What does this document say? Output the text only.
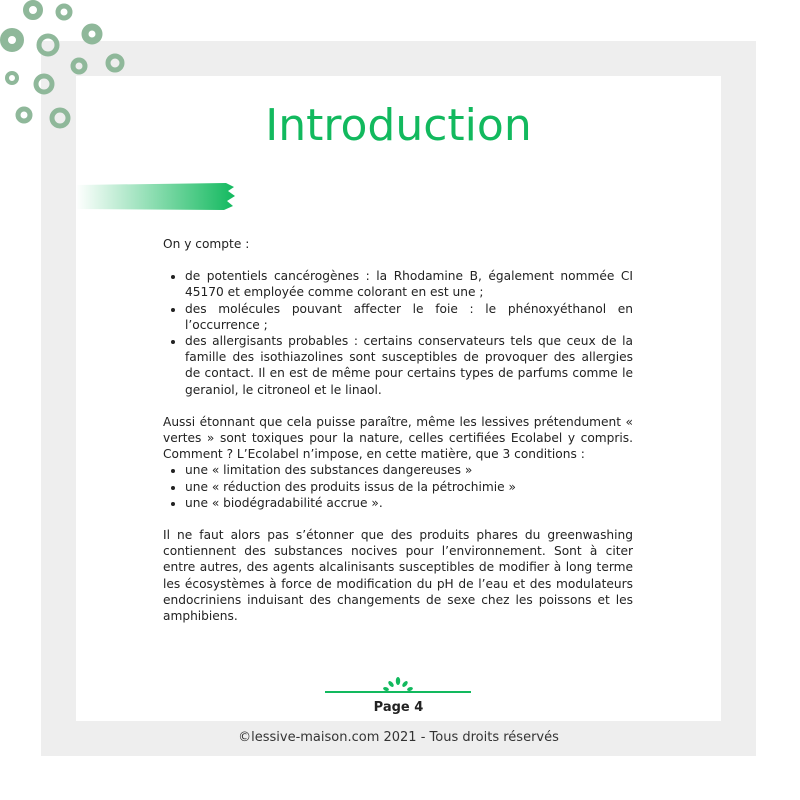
Introduction

On y compte :

• de potentiels cancérogènes : la Rhodamine B, également nommée CI 45170 et employée comme colorant en est une ;
• des molécules pouvant affecter le foie : le phénoxyéthanol en l’occurrence ;
• des allergisants probables : certains conservateurs tels que ceux de la famille des isothiazolines sont susceptibles de provoquer des allergies de contact. Il en est de même pour certains types de parfums comme le geraniol, le citroneol et le linaol.

Aussi étonnant que cela puisse paraître, même les lessives prétendument « vertes » sont toxiques pour la nature, celles certifiées Ecolabel y compris. Comment ? L’Ecolabel n’impose, en cette matière, que 3 conditions :

• une « limitation des substances dangereuses »
• une « réduction des produits issus de la pétrochimie »
• une « biodégradabilité accrue ».

Il ne faut alors pas s’étonner que des produits phares du greenwashing contiennent des substances nocives pour l’environnement. Sont à citer entre autres, des agents alcalinisants susceptibles de modifier à long terme les écosystèmes à force de modification du pH de l’eau et des modulateurs endocriniens induisant des changements de sexe chez les poissons et les amphibiens.

Page 4
©lessive-maison.com 2021 - Tous droits réservés
